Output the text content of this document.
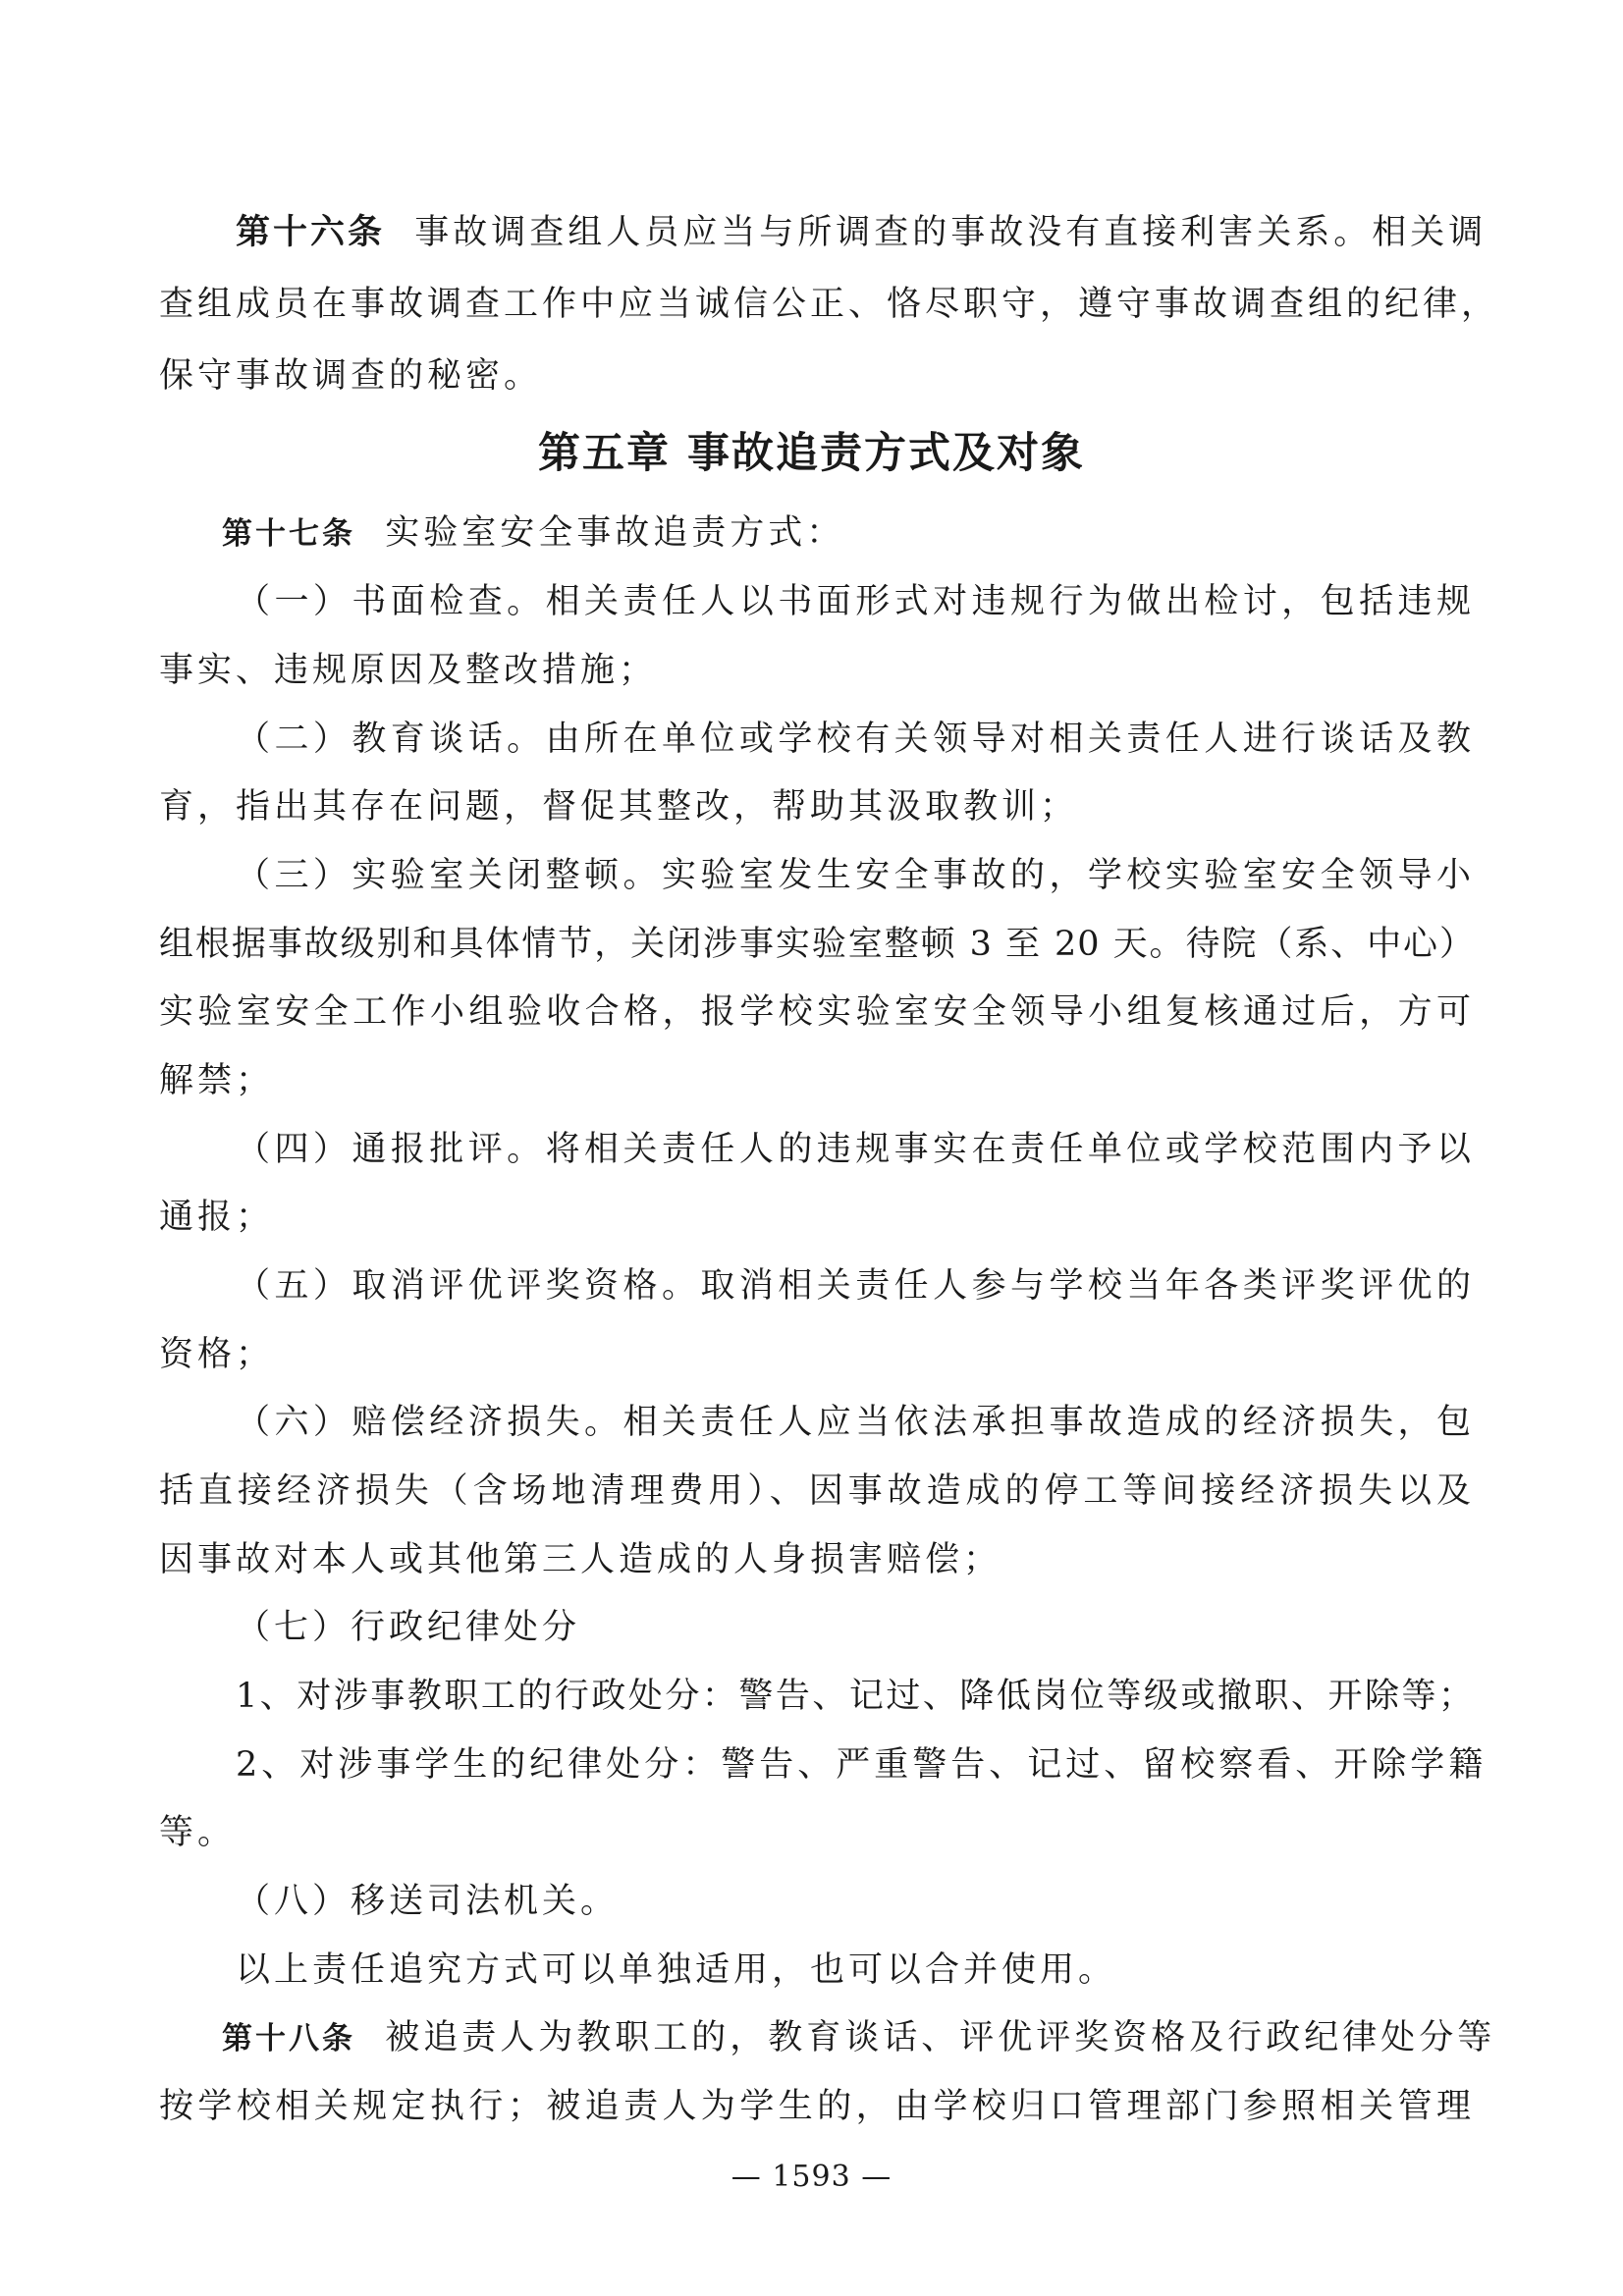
第十六条 事故调查组人员应当与所调查的事故没有直接利害关系。相关调
查组成员在事故调查工作中应当诚信公正、恪尽职守，遵守事故调查组的纪律，
保守事故调查的秘密。
第五章 事故追责方式及对象
第十七条 实验室安全事故追责方式：
（一）书面检查。相关责任人以书面形式对违规行为做出检讨，包括违规
事实、违规原因及整改措施；
（二）教育谈话。由所在单位或学校有关领导对相关责任人进行谈话及教
育，指出其存在问题，督促其整改，帮助其汲取教训；
（三）实验室关闭整顿。实验室发生安全事故的，学校实验室安全领导小
组根据事故级别和具体情节，关闭涉事实验室整顿 3 至 20 天。待院（系、中心）
实验室安全工作小组验收合格，报学校实验室安全领导小组复核通过后，方可
解禁；
（四）通报批评。将相关责任人的违规事实在责任单位或学校范围内予以
通报；
（五）取消评优评奖资格。取消相关责任人参与学校当年各类评奖评优的
资格；
（六）赔偿经济损失。相关责任人应当依法承担事故造成的经济损失，包
括直接经济损失（含场地清理费用）、因事故造成的停工等间接经济损失以及
因事故对本人或其他第三人造成的人身损害赔偿；
（七）行政纪律处分
1、对涉事教职工的行政处分：警告、记过、降低岗位等级或撤职、开除等；
2、对涉事学生的纪律处分：警告、严重警告、记过、留校察看、开除学籍
等。
（八）移送司法机关。
以上责任追究方式可以单独适用，也可以合并使用。
第十八条 被追责人为教职工的，教育谈话、评优评奖资格及行政纪律处分等
按学校相关规定执行；被追责人为学生的，由学校归口管理部门参照相关管理
— 1593 —
